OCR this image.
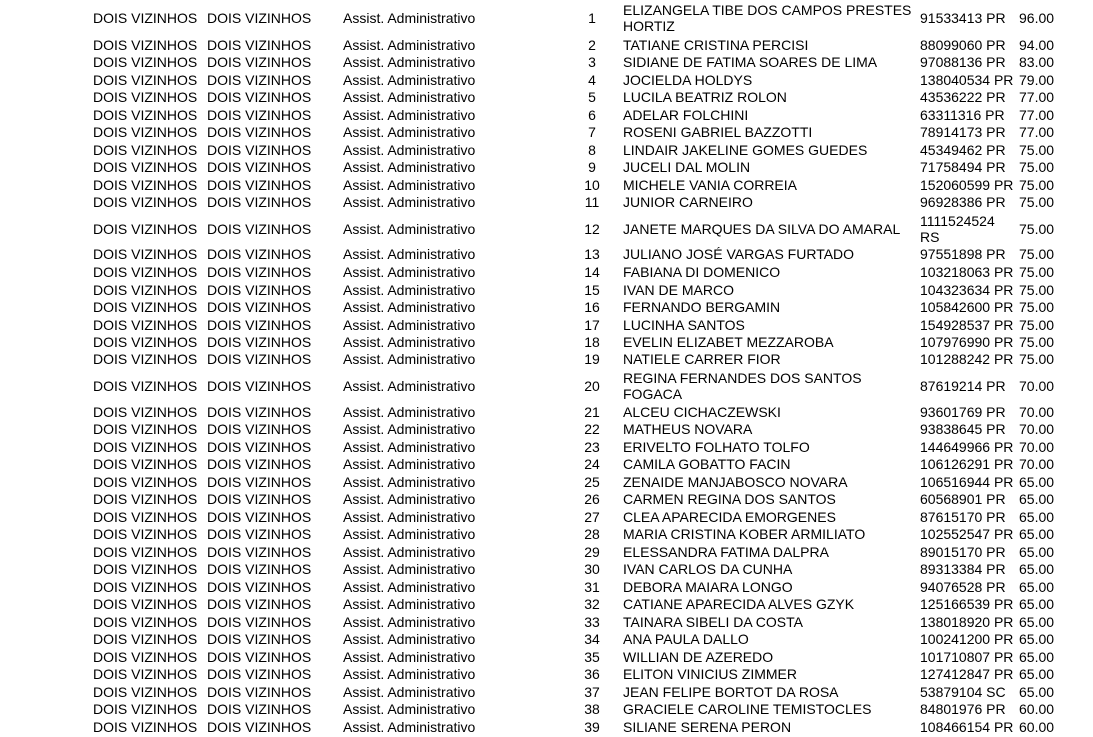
DOIS VIZINHOS DOIS VIZINHOS Assist. Administrativo	1	ELIZANGELA TIBE DOS CAMPOS PRESTES
HORTIZ	91533413 PR 96.00
DOIS VIZINHOS DOIS VIZINHOS Assist. Administrativo	2	TATIANE CRISTINA PERCISI	88099060 PR 94.00
DOIS VIZINHOS DOIS VIZINHOS Assist. Administrativo	3	SIDIANE DE FATIMA SOARES DE LIMA	97088136 PR 83.00
DOIS VIZINHOS DOIS VIZINHOS Assist. Administrativo	4	JOCIELDA HOLDYS	138040534 PR 79.00
DOIS VIZINHOS DOIS VIZINHOS Assist. Administrativo	5	LUCILA BEATRIZ ROLON	43536222 PR 77.00
DOIS VIZINHOS DOIS VIZINHOS Assist. Administrativo	6	ADELAR FOLCHINI	63311316 PR 77.00
DOIS VIZINHOS DOIS VIZINHOS Assist. Administrativo	7	ROSENI GABRIEL BAZZOTTI	78914173 PR 77.00
DOIS VIZINHOS DOIS VIZINHOS Assist. Administrativo	8	LINDAIR JAKELINE GOMES GUEDES	45349462 PR 75.00
DOIS VIZINHOS DOIS VIZINHOS Assist. Administrativo	9	JUCELI DAL MOLIN	71758494 PR 75.00
DOIS VIZINHOS DOIS VIZINHOS Assist. Administrativo	10	MICHELE VANIA CORREIA	152060599 PR 75.00
DOIS VIZINHOS DOIS VIZINHOS Assist. Administrativo	11	JUNIOR CARNEIRO	96928386 PR 75.00
DOIS VIZINHOS DOIS VIZINHOS Assist. Administrativo	12	JANETE MARQUES DA SILVA DO AMARAL	1111524524
RS	75.00
DOIS VIZINHOS DOIS VIZINHOS Assist. Administrativo	13	JULIANO JOSÉ VARGAS FURTADO	97551898 PR 75.00
DOIS VIZINHOS DOIS VIZINHOS Assist. Administrativo	14	FABIANA DI DOMENICO	103218063 PR 75.00
DOIS VIZINHOS DOIS VIZINHOS Assist. Administrativo	15	IVAN DE MARCO	104323634 PR 75.00
DOIS VIZINHOS DOIS VIZINHOS Assist. Administrativo	16	FERNANDO BERGAMIN	105842600 PR 75.00
DOIS VIZINHOS DOIS VIZINHOS Assist. Administrativo	17	LUCINHA SANTOS	154928537 PR 75.00
DOIS VIZINHOS DOIS VIZINHOS Assist. Administrativo	18	EVELIN ELIZABET MEZZAROBA	107976990 PR 75.00
DOIS VIZINHOS DOIS VIZINHOS Assist. Administrativo	19	NATIELE CARRER FIOR	101288242 PR 75.00
DOIS VIZINHOS DOIS VIZINHOS Assist. Administrativo	20	REGINA FERNANDES DOS SANTOS
FOGACA	87619214 PR 70.00
DOIS VIZINHOS DOIS VIZINHOS Assist. Administrativo	21	ALCEU CICHACZEWSKI	93601769 PR 70.00
DOIS VIZINHOS DOIS VIZINHOS Assist. Administrativo	22	MATHEUS NOVARA	93838645 PR 70.00
DOIS VIZINHOS DOIS VIZINHOS Assist. Administrativo	23	ERIVELTO FOLHATO TOLFO	144649966 PR 70.00
DOIS VIZINHOS DOIS VIZINHOS Assist. Administrativo	24	CAMILA GOBATTO FACIN	106126291 PR 70.00
DOIS VIZINHOS DOIS VIZINHOS Assist. Administrativo	25	ZENAIDE MANJABOSCO NOVARA	106516944 PR 65.00
DOIS VIZINHOS DOIS VIZINHOS Assist. Administrativo	26	CARMEN REGINA DOS SANTOS	60568901 PR 65.00
DOIS VIZINHOS DOIS VIZINHOS Assist. Administrativo	27	CLEA APARECIDA EMORGENES	87615170 PR 65.00
DOIS VIZINHOS DOIS VIZINHOS Assist. Administrativo	28	MARIA CRISTINA KOBER ARMILIATO	102552547 PR 65.00
DOIS VIZINHOS DOIS VIZINHOS Assist. Administrativo	29	ELESSANDRA FATIMA DALPRA	89015170 PR 65.00
DOIS VIZINHOS DOIS VIZINHOS Assist. Administrativo	30	IVAN CARLOS DA CUNHA	89313384 PR 65.00
DOIS VIZINHOS DOIS VIZINHOS Assist. Administrativo	31	DEBORA MAIARA LONGO	94076528 PR 65.00
DOIS VIZINHOS DOIS VIZINHOS Assist. Administrativo	32	CATIANE APARECIDA ALVES GZYK	125166539 PR 65.00
DOIS VIZINHOS DOIS VIZINHOS Assist. Administrativo	33	TAINARA SIBELI DA COSTA	138018920 PR 65.00
DOIS VIZINHOS DOIS VIZINHOS Assist. Administrativo	34	ANA PAULA DALLO	100241200 PR 65.00
DOIS VIZINHOS DOIS VIZINHOS Assist. Administrativo	35	WILLIAN DE AZEREDO	101710807 PR 65.00
DOIS VIZINHOS DOIS VIZINHOS Assist. Administrativo	36	ELITON VINICIUS ZIMMER	127412847 PR 65.00
DOIS VIZINHOS DOIS VIZINHOS Assist. Administrativo	37	JEAN FELIPE BORTOT DA ROSA	53879104 SC 65.00
DOIS VIZINHOS DOIS VIZINHOS Assist. Administrativo	38	GRACIELE CAROLINE TEMISTOCLES	84801976 PR 60.00
DOIS VIZINHOS DOIS VIZINHOS Assist. Administrativo	39	SILIANE SERENA PERON	108466154 PR 60.00
